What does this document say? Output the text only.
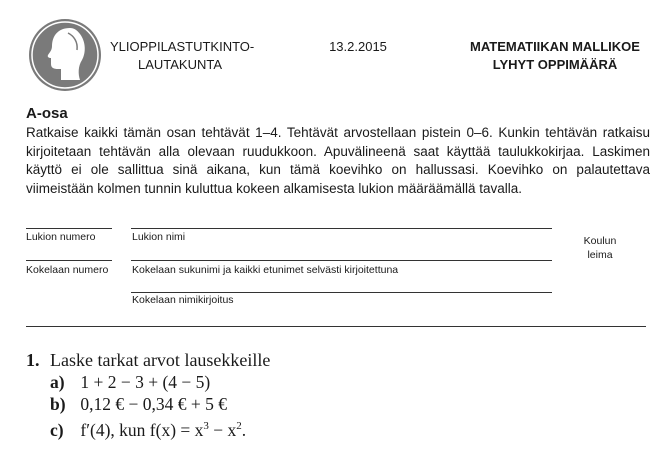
YLIOPPILASTUTKINTO-
LAUTAKUNTA
13.2.2015	MATEMATIIKAN MALLIKOE
LYHYT OPPIMÄÄRÄ
A-osa
Ratkaise kaikki tämän osan tehtävät 1–4. Tehtävät arvostellaan pistein 0–6. Kunkin tehtävän ratkaisu kirjoitetaan tehtävän alla olevaan ruudukkoon. Apuvälineenä saat käyttää taulukkokirjaa. Laskimen käyttö ei ole sallittua sinä aikana, kun tämä koevihko on hallussasi. Koevihko on palautettava viimeistään kolmen tunnin kuluttua kokeen alkamisesta lukion määräämällä tavalla.
Lukion numero	Lukion nimi
Kokelaan numero Kokelaan sukunimi ja kaikki etunimet selvästi kirjoitettuna
Kokelaan nimikirjoitus
Koulun
leima
1. Laske tarkat arvot lausekkeille
a) 1 + 2 − 3 + (4 − 5)
b) 0,12 € − 0,34 € + 5 €
c) f′(4), kun $f(x) = x^3 - x^2$.
